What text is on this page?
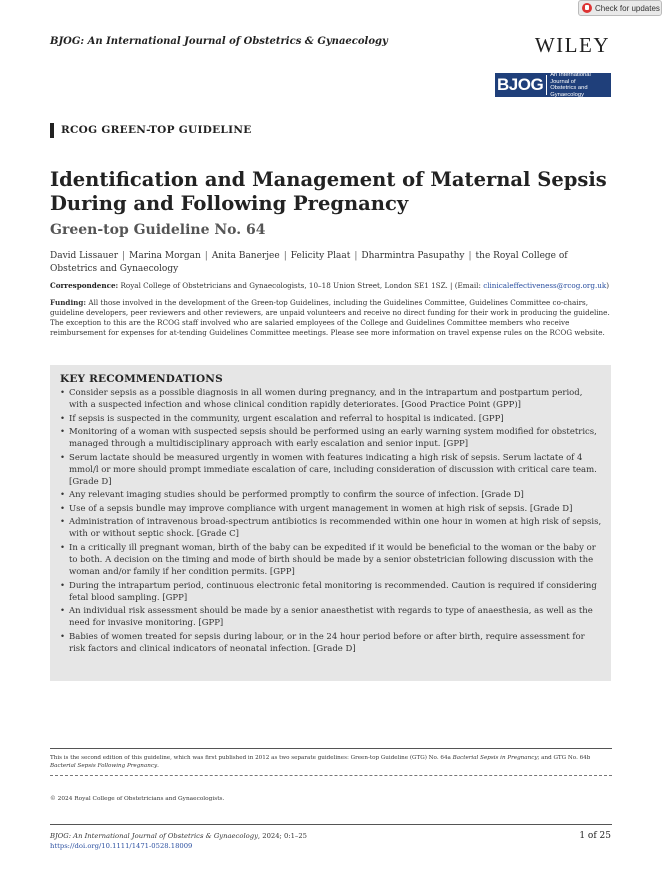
Check for updates
BJOG: An International Journal of Obstetrics & Gynaecology	WILEY
BJOG	An International Journal of
Obstetrics and Gynaecology
RCOG GREEN-TOP GUIDELINE
Identification and Management of Maternal Sepsis During and Following Pregnancy
Green-top Guideline No. 64
David Lissauer | Marina Morgan | Anita Banerjee | Felicity Plaat | Dharmintra Pasupathy | the Royal College of Obstetrics and Gynaecology
Correspondence: Royal College of Obstetricians and Gynaecologists, 10–18 Union Street, London SE1 1SZ. | (Email: clinicaleffectiveness@rcog.org.uk)
Funding: All those involved in the development of the Green-top Guidelines, including the Guidelines Committee, Guidelines Committee co-chairs, guideline developers, peer reviewers and other reviewers, are unpaid volunteers and receive no direct funding for their work in producing the guideline. The exception to this are the RCOG staff involved who are salaried employees of the College and Guidelines Committee members who receive reimbursement for expenses for at-tending Guidelines Committee meetings. Please see more information on travel expense rules on the RCOG website.
KEY RECOMMENDATIONS
• Consider sepsis as a possible diagnosis in all women during pregnancy, and in the intrapartum and postpartum period, with a suspected infection and whose clinical condition rapidly deteriorates. [Good Practice Point (GPP)]
• If sepsis is suspected in the community, urgent escalation and referral to hospital is indicated. [GPP]
• Monitoring of a woman with suspected sepsis should be performed using an early warning system modified for obstetrics, managed through a multidisciplinary approach with early escalation and senior input. [GPP]
• Serum lactate should be measured urgently in women with features indicating a high risk of sepsis. Serum lactate of 4 mmol/l or more should prompt immediate escalation of care, including consideration of discussion with critical care team. [Grade D]
• Any relevant imaging studies should be performed promptly to confirm the source of infection. [Grade D]
• Use of a sepsis bundle may improve compliance with urgent management in women at high risk of sepsis. [Grade D]
• Administration of intravenous broad-spectrum antibiotics is recommended within one hour in women at high risk of sepsis, with or without septic shock. [Grade C]
• In a critically ill pregnant woman, birth of the baby can be expedited if it would be beneficial to the woman or the baby or to both. A decision on the timing and mode of birth should be made by a senior obstetrician following discussion with the woman and/or family if her condition permits. [GPP]
• During the intrapartum period, continuous electronic fetal monitoring is recommended. Caution is required if considering fetal blood sampling. [GPP]
• An individual risk assessment should be made by a senior anaesthetist with regards to type of anaesthesia, as well as the need for invasive monitoring. [GPP]
• Babies of women treated for sepsis during labour, or in the 24 hour period before or after birth, require assessment for risk factors and clinical indicators of neonatal infection. [Grade D]
This is the second edition of this guideline, which was first published in 2012 as two separate guidelines: Green-top Guideline (GTG) No. 64a Bacterial Sepsis in Pregnancy; and GTG No. 64b Bacterial Sepsis Following Pregnancy.
© 2024 Royal College of Obstetricians and Gynaecologists.
BJOG: An International Journal of Obstetrics & Gynaecology, 2024; 0:1–25
https://doi.org/10.1111/1471-0528.18009
1 of 25
